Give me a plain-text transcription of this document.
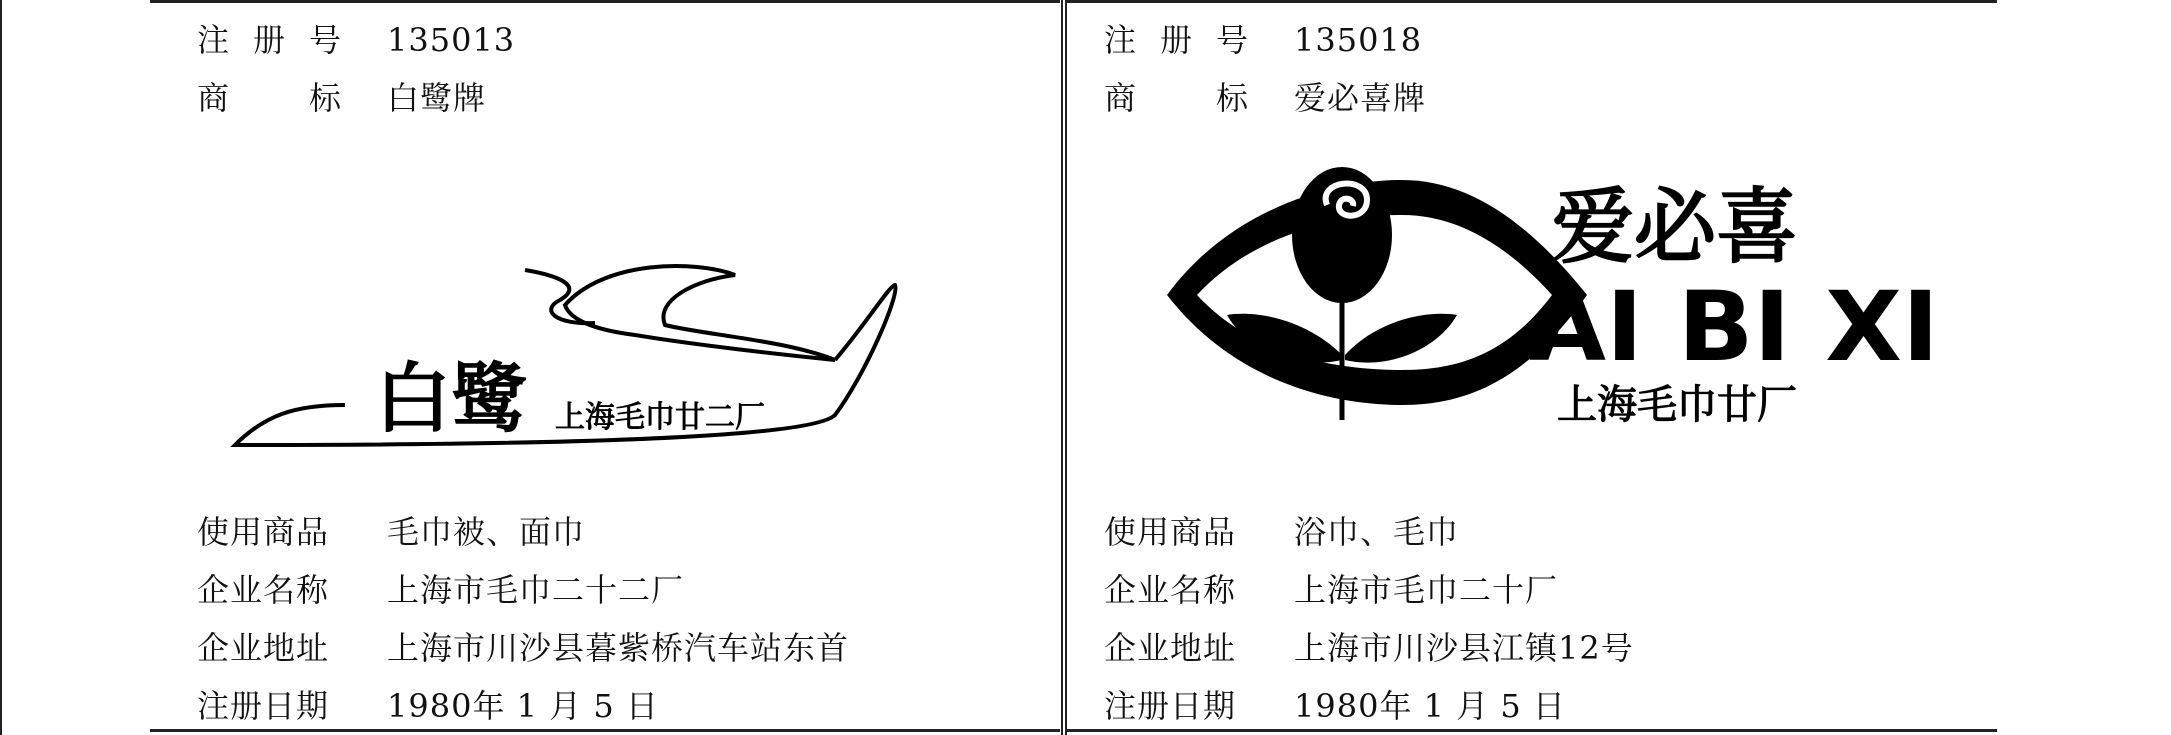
注 册 号 135013
商 标 白鹭牌
白鹭 上海毛巾廿二厂
使用商品	毛巾被、面巾
企业名称	上海市毛巾二十二厂
企业地址	上海市川沙县暮紫桥汽车站东首
注册日期	1980年 1 月 5 日
注 册 号 135018
商 标 爱必喜牌
爱必喜
AI BI XI
上海毛巾廿厂
使用商品	浴巾、毛巾
企业名称	上海市毛巾二十厂
企业地址	上海市川沙县江镇12号
注册日期	1980年 1 月 5 日
